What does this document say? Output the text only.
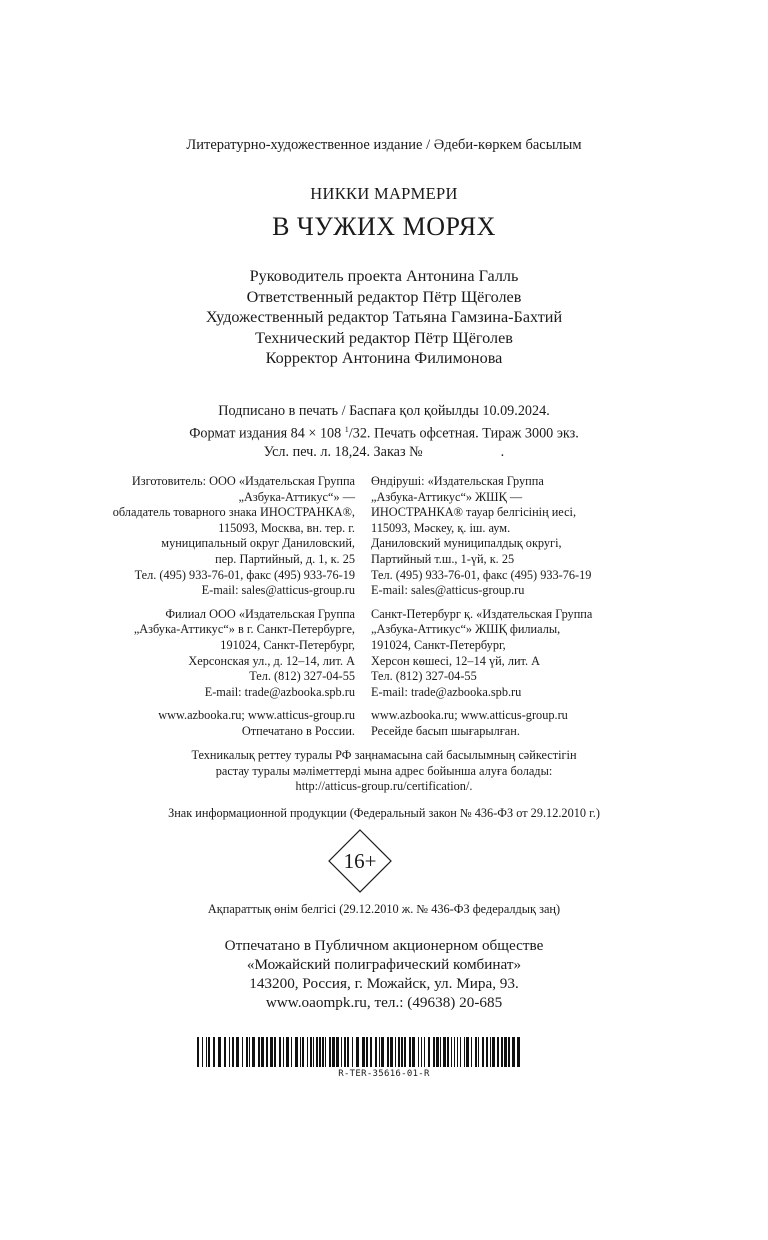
Литературно-художественное издание / Әдеби-көркем басылым
НИККИ МАРМЕРИ
В ЧУЖИХ МОРЯХ
Руководитель проекта Антонина Галль
Ответственный редактор Пётр Щёголев
Художественный редактор Татьяна Гамзина-Бахтий
Технический редактор Пётр Щёголев
Корректор Антонина Филимонова
Подписано в печать / Баспаға қол қойылды 10.09.2024.
Формат издания 84 × 108 $^1$/32. Печать офсетная. Тираж 3000 экз.
Усл. печ. л. 18,24. Заказ №	.
Изготовитель: ООО «Издательская Группа
„Азбука-Аттикус“» —
обладатель товарного знака ИНОСТРАНКА®,
115093, Москва, вн. тер. г.
муниципальный округ Даниловский,
пер. Партийный, д. 1, к. 25
Тел. (495) 933-76-01, факс (495) 933-76-19
E-mail: sales@atticus-group.ru
Филиал ООО «Издательская Группа
„Азбука-Аттикус“» в г. Санкт-Петербурге,
191024, Санкт-Петербург,
Херсонская ул., д. 12–14, лит. А
Тел. (812) 327-04-55
E-mail: trade@azbooka.spb.ru
www.azbooka.ru; www.atticus-group.ru
Отпечатано в России.
Өндіруші: «Издательская Группа
„Азбука-Аттикус“» ЖШҚ —
ИНОСТРАНКА® тауар белгісінің иесі,
115093, Мәскеу, қ. іш. аум.
Даниловский муниципалдық округі,
Партийный т.ш., 1-үй, к. 25
Тел. (495) 933-76-01, факс (495) 933-76-19
E-mail: sales@atticus-group.ru
Санкт-Петербург қ. «Издательская Группа
„Азбука-Аттикус“» ЖШҚ филиалы,
191024, Санкт-Петербург,
Херсон көшесі, 12–14 үй, лит. А
Тел. (812) 327-04-55
E-mail: trade@azbooka.spb.ru
www.azbooka.ru; www.atticus-group.ru
Ресейде басып шығарылған.
Техникалық реттеу туралы РФ заңнамасына сай басылымның сәйкестігін
растау туралы мәліметтерді мына адрес бойынша алуға болады:
http://atticus-group.ru/certification/.
Знак информационной продукции (Федеральный закон № 436-ФЗ от 29.12.2010 г.)
16+
Ақпараттық өнім белгісі (29.12.2010 ж. № 436-ФЗ федералдық заң)
Отпечатано в Публичном акционерном обществе
«Можайский полиграфический комбинат»
143200, Россия, г. Можайск, ул. Мира, 93.
www.oaompk.ru, тел.: (49638) 20-685
R-TER-35616-01-R
